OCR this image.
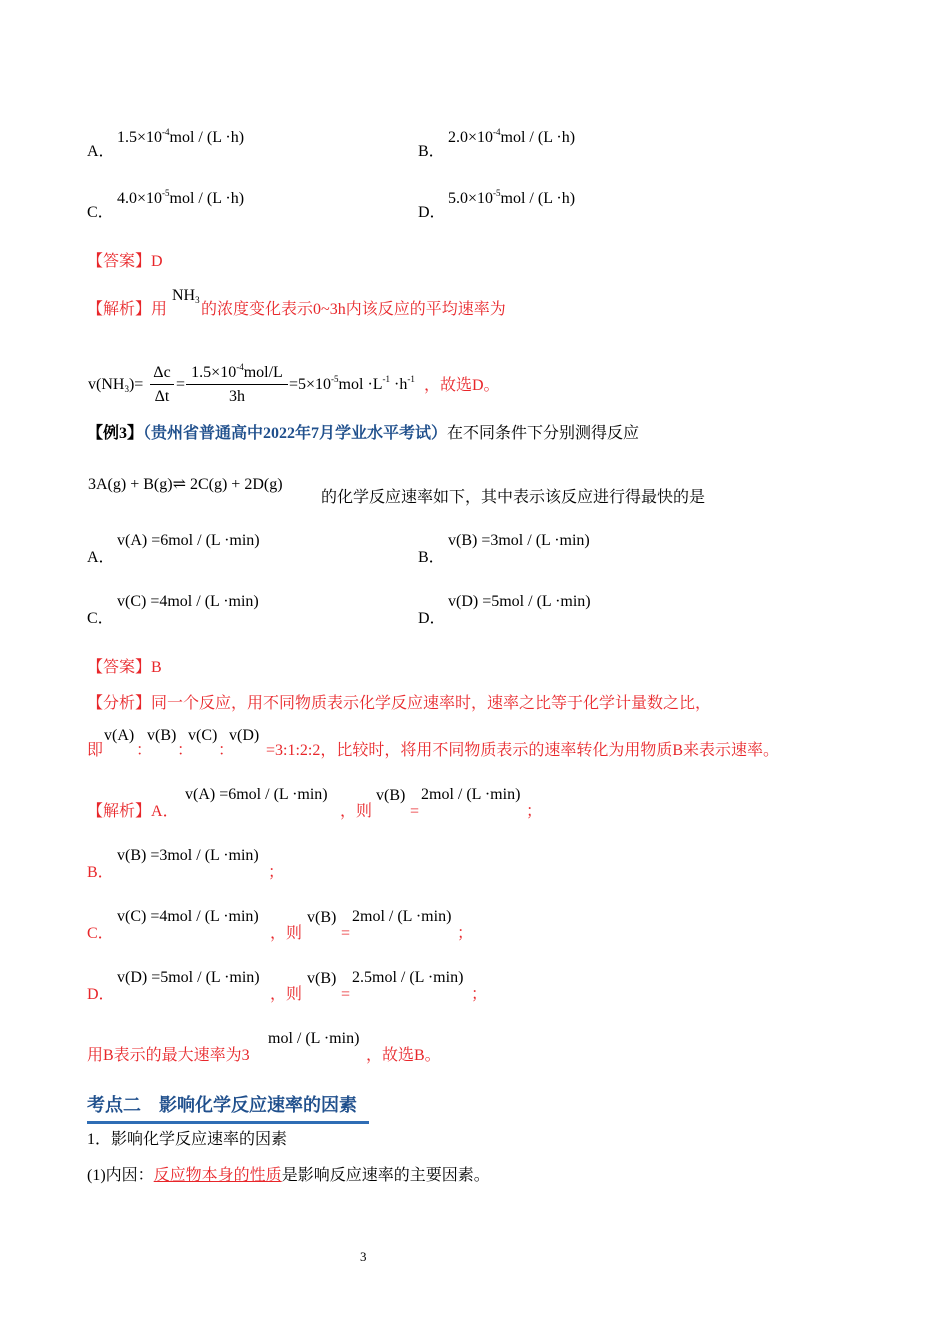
A．
$1.5\times 10^{-4}mol / (L \cdot h)$
B．
$2.0\times 10^{-4}mol / (L \cdot h)$
C．
$4.0\times 10^{-5}mol / (L \cdot h)$
D．
$5.0\times 10^{-5}mol / (L \cdot h)$
【答案】D
【解析】用 的浓度变化表示0~3h内该反应的平均速率为
$NH_3$
$v(NH_3)= \frac{\Delta c}{\Delta t}$ =
$1.5\times 10^{-4}mol/L$
3h
$=5\times 10^{-5}mol \cdot L^{-1} \cdot h^{-1}$ ，故选D。
【例3】（贵州省普通高中2022年7月学业水平考试）在不同条件下分别测得反应
3A(g) + B(g)⇌ 2C(g) + 2D(g)
的化学反应速率如下，其中表示该反应进行得最快的是
A．
v(A) =6mol / (L ·min)
B．
v(B) =3mol / (L ·min)
C．
v(C) =4mol / (L ·min)
D．
v(D) =5mol / (L ·min)
【答案】B
【分析】同一个反应，用不同物质表示化学反应速率时，速率之比等于化学计量数之比，
即
v(A)
：
v(B)
：
v(C)
：
v(D)
=3:1:2:2，比较时，将用不同物质表示的速率转化为用物质B来表示速率。
【解析】A．
v(A) =6mol / (L ·min)
，则
v(B)
=
2mol / (L ·min)
；
B．
v(B) =3mol / (L ·min)
；
C．
v(C) =4mol / (L ·min)
，则
v(B)
=
2mol / (L ·min)
；
D．
v(D) =5mol / (L ·min)
，则
v(B)
=
2.5mol / (L ·min)
；
用B表示的最大速率为3
mol / (L ·min)
，故选B。
考点二　影响化学反应速率的因素
1．影响化学反应速率的因素
(1)内因：反应物本身的性质是影响反应速率的主要因素。
3
